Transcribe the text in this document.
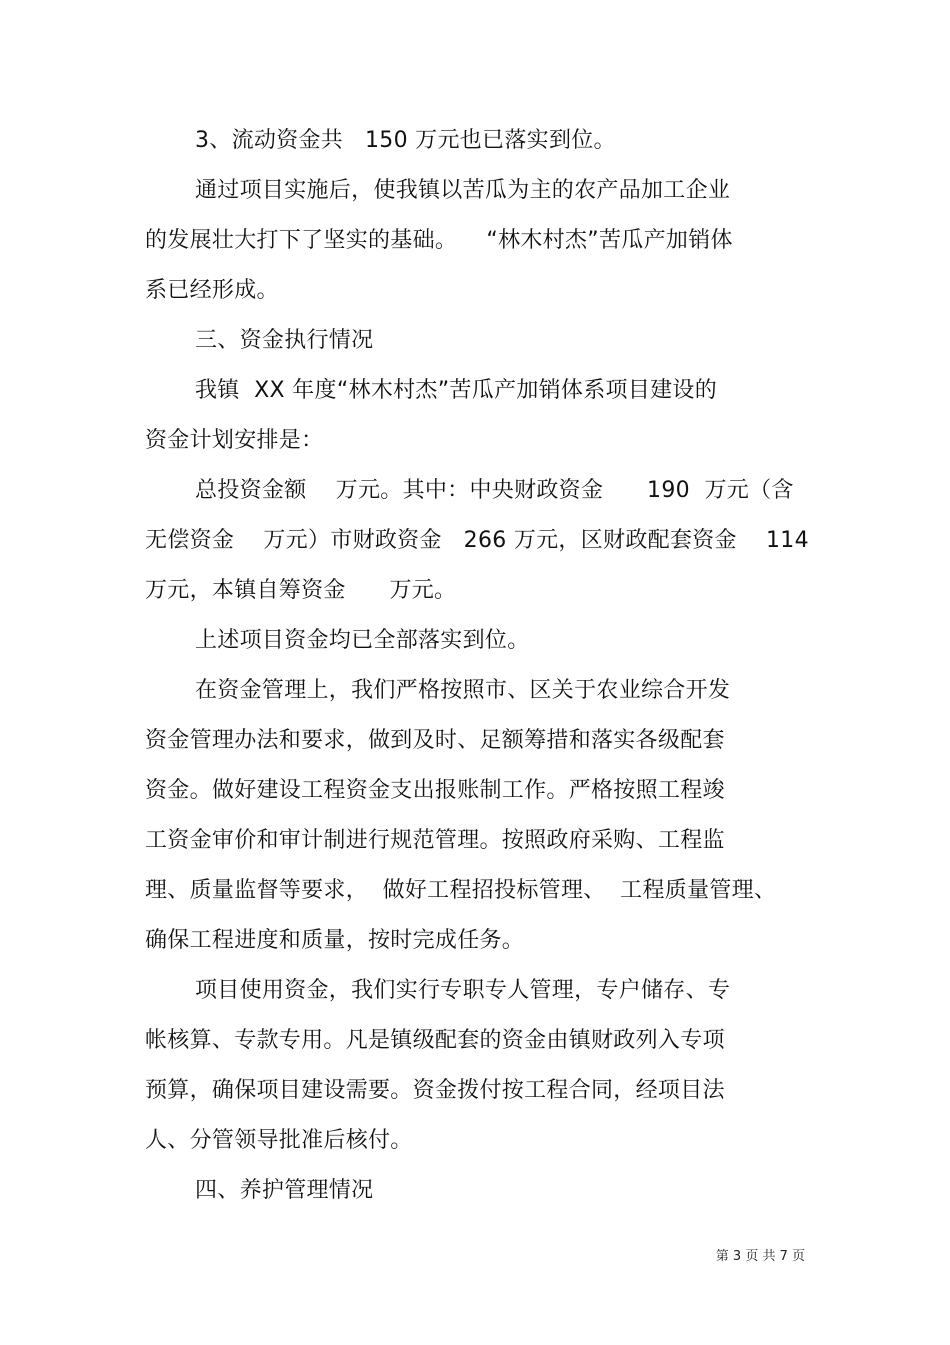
3、流动资金共   150 万元也已落实到位。
通过项目实施后，使我镇以苦瓜为主的农产品加工企业
的发展壮大打下了坚实的基础。    “林木村杰”苦瓜产加销体
系已经形成。
三、资金执行情况
我镇  XX 年度“林木村杰”苦瓜产加销体系项目建设的
资金计划安排是：
总投资金额    万元。其中：中央财政资金      190  万元（含
无偿资金    万元）市财政资金   266 万元，区财政配套资金    114
万元，本镇自筹资金      万元。
上述项目资金均已全部落实到位。
在资金管理上，我们严格按照市、区关于农业综合开发
资金管理办法和要求，做到及时、足额筹措和落实各级配套
资金。做好建设工程资金支出报账制工作。严格按照工程竣
工资金审价和审计制进行规范管理。按照政府采购、工程监
理、质量监督等要求，  做好工程招投标管理、  工程质量管理、
确保工程进度和质量，按时完成任务。
项目使用资金，我们实行专职专人管理，专户储存、专
帐核算、专款专用。凡是镇级配套的资金由镇财政列入专项
预算，确保项目建设需要。资金拨付按工程合同，经项目法
人、分管领导批准后核付。
四、养护管理情况
第 3 页 共 7 页
